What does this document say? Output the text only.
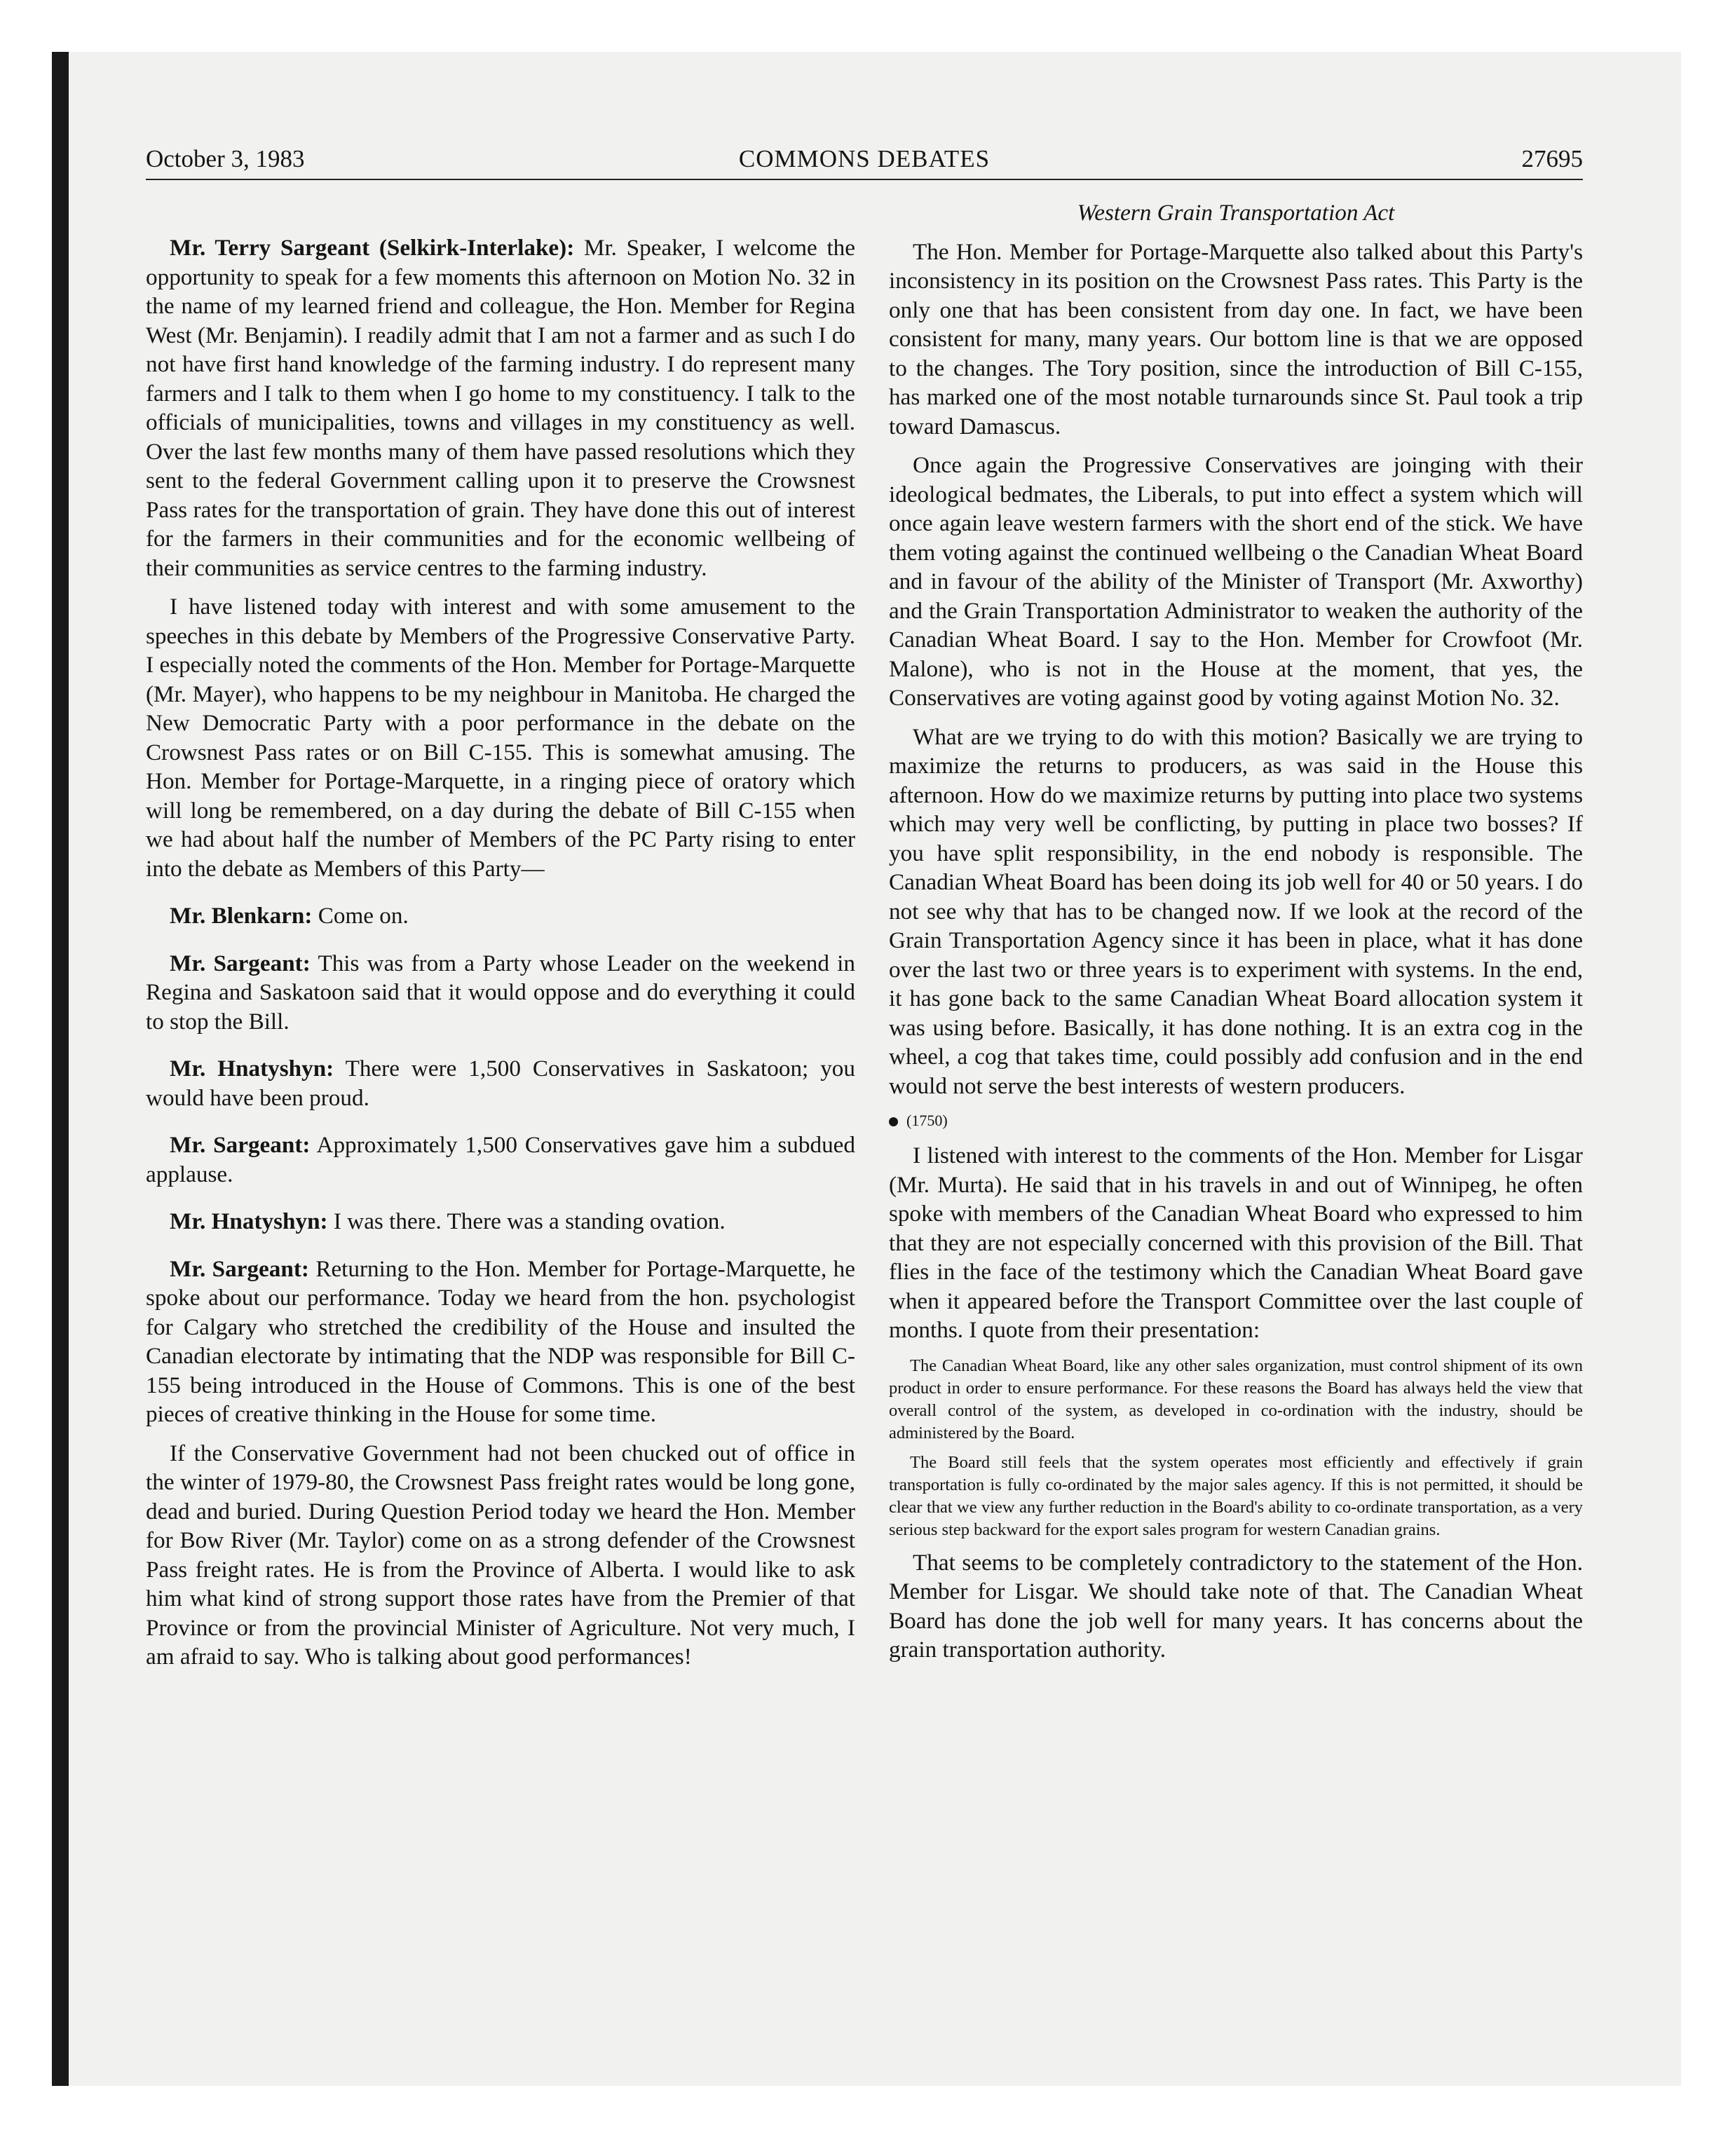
October 3, 1983	COMMONS DEBATES	27695

Mr. Terry Sargeant (Selkirk-Interlake): Mr. Speaker, I welcome the opportunity to speak for a few moments this afternoon on Motion No. 32 in the name of my learned friend and colleague, the Hon. Member for Regina West (Mr. Benjamin). I readily admit that I am not a farmer and as such I do not have first hand knowledge of the farming industry. I do represent many farmers and I talk to them when I go home to my constituency. I talk to the officials of municipalities, towns and villages in my constituency as well. Over the last few months many of them have passed resolutions which they sent to the federal Government calling upon it to preserve the Crowsnest Pass rates for the transportation of grain. They have done this out of interest for the farmers in their communities and for the economic wellbeing of their communities as service centres to the farming industry.

I have listened today with interest and with some amusement to the speeches in this debate by Members of the Progressive Conservative Party. I especially noted the comments of the Hon. Member for Portage-Marquette (Mr. Mayer), who happens to be my neighbour in Manitoba. He charged the New Democratic Party with a poor performance in the debate on the Crowsnest Pass rates or on Bill C-155. This is somewhat amusing. The Hon. Member for Portage-Marquette, in a ringing piece of oratory which will long be remembered, on a day during the debate of Bill C-155 when we had about half the number of Members of the PC Party rising to enter into the debate as Members of this Party—

Mr. Blenkarn: Come on.

Mr. Sargeant: This was from a Party whose Leader on the weekend in Regina and Saskatoon said that it would oppose and do everything it could to stop the Bill.

Mr. Hnatyshyn: There were 1,500 Conservatives in Saskatoon; you would have been proud.

Mr. Sargeant: Approximately 1,500 Conservatives gave him a subdued applause.

Mr. Hnatyshyn: I was there. There was a standing ovation.

Mr. Sargeant: Returning to the Hon. Member for Portage-Marquette, he spoke about our performance. Today we heard from the hon. psychologist for Calgary who stretched the credibility of the House and insulted the Canadian electorate by intimating that the NDP was responsible for Bill C-155 being introduced in the House of Commons. This is one of the best pieces of creative thinking in the House for some time.

If the Conservative Government had not been chucked out of office in the winter of 1979-80, the Crowsnest Pass freight rates would be long gone, dead and buried. During Question Period today we heard the Hon. Member for Bow River (Mr. Taylor) come on as a strong defender of the Crowsnest Pass freight rates. He is from the Province of Alberta. I would like to ask him what kind of strong support those rates have from the Premier of that Province or from the provincial Minister of Agriculture. Not very much, I am afraid to say. Who is talking about good performances!

Western Grain Transportation Act

The Hon. Member for Portage-Marquette also talked about this Party's inconsistency in its position on the Crowsnest Pass rates. This Party is the only one that has been consistent from day one. In fact, we have been consistent for many, many years. Our bottom line is that we are opposed to the changes. The Tory position, since the introduction of Bill C-155, has marked one of the most notable turnarounds since St. Paul took a trip toward Damascus.

Once again the Progressive Conservatives are joinging with their ideological bedmates, the Liberals, to put into effect a system which will once again leave western farmers with the short end of the stick. We have them voting against the continued wellbeing o the Canadian Wheat Board and in favour of the ability of the Minister of Transport (Mr. Axworthy) and the Grain Transportation Administrator to weaken the authority of the Canadian Wheat Board. I say to the Hon. Member for Crowfoot (Mr. Malone), who is not in the House at the moment, that yes, the Conservatives are voting against good by voting against Motion No. 32.

What are we trying to do with this motion? Basically we are trying to maximize the returns to producers, as was said in the House this afternoon. How do we maximize returns by putting into place two systems which may very well be conflicting, by putting in place two bosses? If you have split responsibility, in the end nobody is responsible. The Canadian Wheat Board has been doing its job well for 40 or 50 years. I do not see why that has to be changed now. If we look at the record of the Grain Transportation Agency since it has been in place, what it has done over the last two or three years is to experiment with systems. In the end, it has gone back to the same Canadian Wheat Board allocation system it was using before. Basically, it has done nothing. It is an extra cog in the wheel, a cog that takes time, could possibly add confusion and in the end would not serve the best interests of western producers.

(1750)

I listened with interest to the comments of the Hon. Member for Lisgar (Mr. Murta). He said that in his travels in and out of Winnipeg, he often spoke with members of the Canadian Wheat Board who expressed to him that they are not especially concerned with this provision of the Bill. That flies in the face of the testimony which the Canadian Wheat Board gave when it appeared before the Transport Committee over the last couple of months. I quote from their presentation:

The Canadian Wheat Board, like any other sales organization, must control shipment of its own product in order to ensure performance. For these reasons the Board has always held the view that overall control of the system, as developed in co-ordination with the industry, should be administered by the Board.

The Board still feels that the system operates most efficiently and effectively if grain transportation is fully co-ordinated by the major sales agency. If this is not permitted, it should be clear that we view any further reduction in the Board's ability to co-ordinate transportation, as a very serious step backward for the export sales program for western Canadian grains.

That seems to be completely contradictory to the statement of the Hon. Member for Lisgar. We should take note of that. The Canadian Wheat Board has done the job well for many years. It has concerns about the grain transportation authority.
